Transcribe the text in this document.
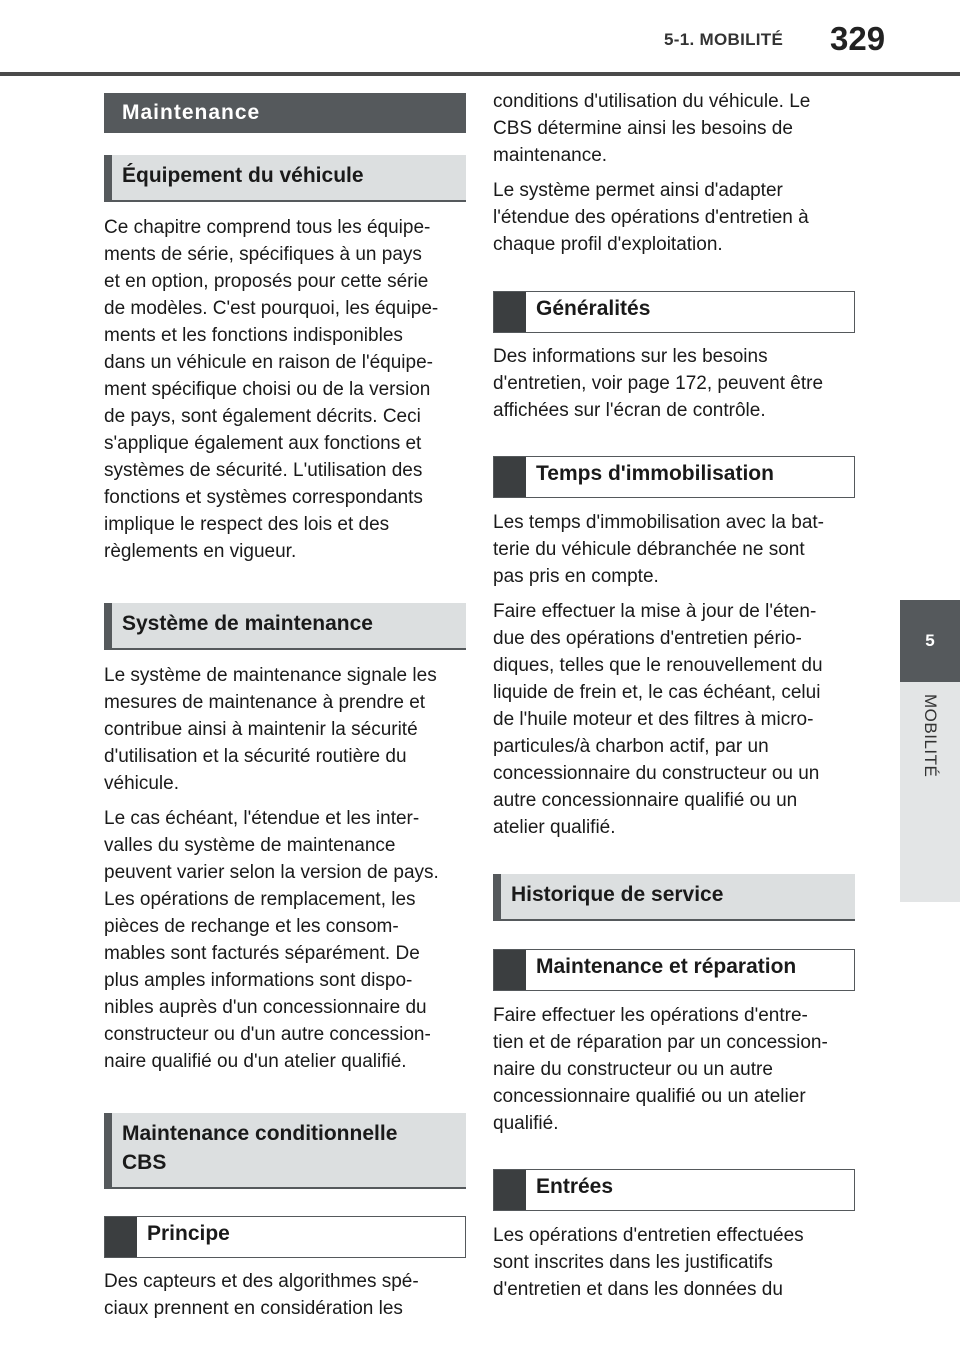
5-1. MOBILITÉ 329
5
MOBILITÉ
Maintenance
Équipement du véhicule

Ce chapitre comprend tous les équipe-
ments de série, spécifiques à un pays
et en option, proposés pour cette série
de modèles. C'est pourquoi, les équipe-
ments et les fonctions indisponibles
dans un véhicule en raison de l'équipe-
ment spécifique choisi ou de la version
de pays, sont également décrits. Ceci
s'applique également aux fonctions et
systèmes de sécurité. L'utilisation des
fonctions et systèmes correspondants
implique le respect des lois et des
règlements en vigueur.

Système de maintenance

Le système de maintenance signale les
mesures de maintenance à prendre et
contribue ainsi à maintenir la sécurité
d'utilisation et la sécurité routière du
véhicule.

Le cas échéant, l'étendue et les inter-
valles du système de maintenance
peuvent varier selon la version de pays.
Les opérations de remplacement, les
pièces de rechange et les consom-
mables sont facturés séparément. De
plus amples informations sont dispo-
nibles auprès d'un concessionnaire du
constructeur ou d'un autre concession-
naire qualifié ou d'un atelier qualifié.

Maintenance conditionnelle
CBS
Principe

Des capteurs et des algorithmes spé-
ciaux prennent en considération les

conditions d'utilisation du véhicule. Le
CBS détermine ainsi les besoins de
maintenance.

Le système permet ainsi d'adapter
l'étendue des opérations d'entretien à
chaque profil d'exploitation.

Généralités

Des informations sur les besoins
d'entretien, voir page 172, peuvent être
affichées sur l'écran de contrôle.

Temps d'immobilisation

Les temps d'immobilisation avec la bat-
terie du véhicule débranchée ne sont
pas pris en compte.

Faire effectuer la mise à jour de l'éten-
due des opérations d'entretien pério-
diques, telles que le renouvellement du
liquide de frein et, le cas échéant, celui
de l'huile moteur et des filtres à micro-
particules/à charbon actif, par un
concessionnaire du constructeur ou un
autre concessionnaire qualifié ou un
atelier qualifié.

Historique de service
Maintenance et réparation

Faire effectuer les opérations d'entre-
tien et de réparation par un concession-
naire du constructeur ou un autre
concessionnaire qualifié ou un atelier
qualifié.

Entrées

Les opérations d'entretien effectuées
sont inscrites dans les justificatifs
d'entretien et dans les données du
